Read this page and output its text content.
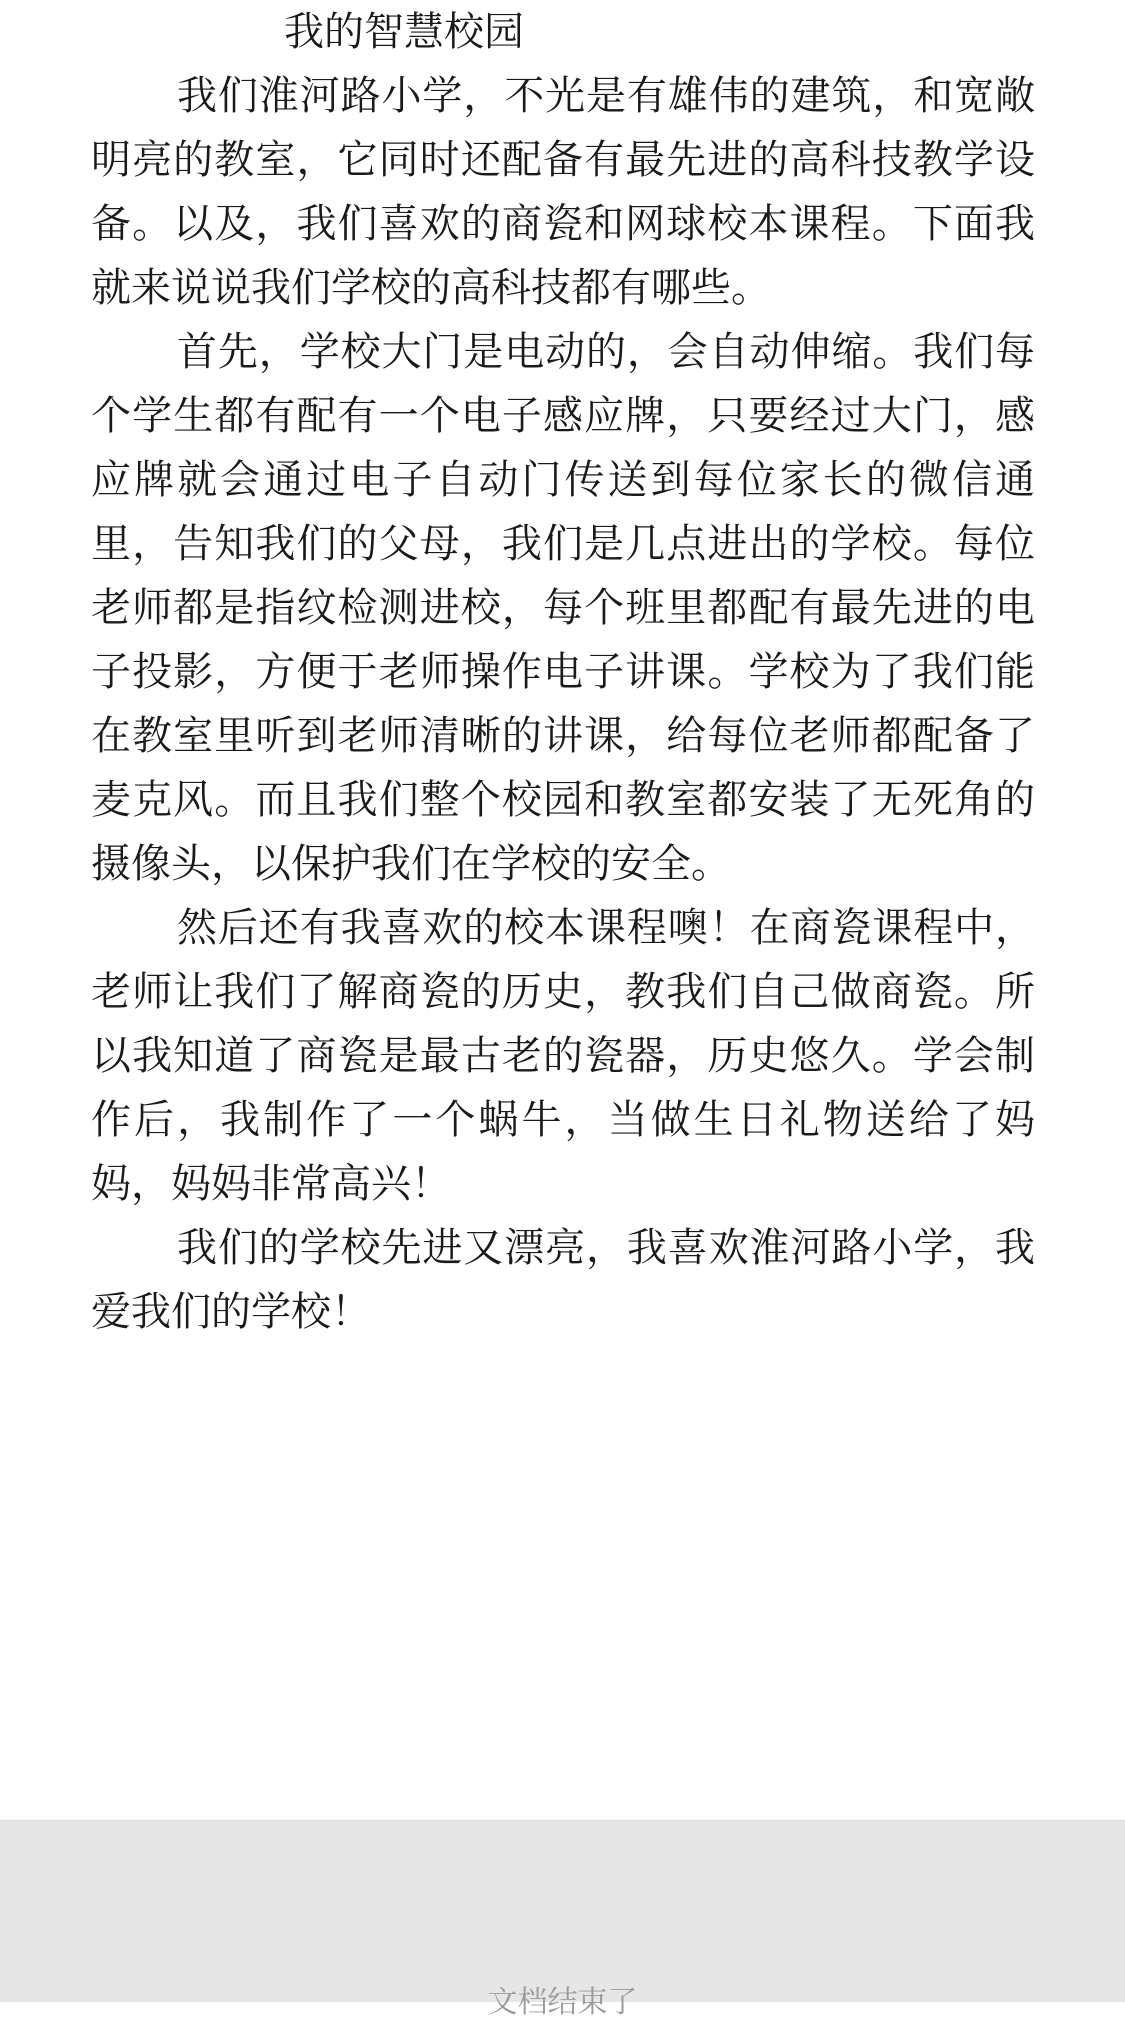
我的智慧校园

我们淮河路小学，不光是有雄伟的建筑，和宽敞明亮的教室，它同时还配备有最先进的高科技教学设备。以及，我们喜欢的商瓷和网球校本课程。下面我就来说说我们学校的高科技都有哪些。

首先，学校大门是电动的，会自动伸缩。我们每个学生都有配有一个电子感应牌，只要经过大门，感应牌就会通过电子自动门传送到每位家长的微信通里，告知我们的父母，我们是几点进出的学校。每位老师都是指纹检测进校，每个班里都配有最先进的电子投影，方便于老师操作电子讲课。学校为了我们能在教室里听到老师清晰的讲课，给每位老师都配备了麦克风。而且我们整个校园和教室都安装了无死角的摄像头，以保护我们在学校的安全。

然后还有我喜欢的校本课程噢！在商瓷课程中，老师让我们了解商瓷的历史，教我们自己做商瓷。所以我知道了商瓷是最古老的瓷器，历史悠久。学会制作后，我制作了一个蜗牛，当做生日礼物送给了妈妈，妈妈非常高兴！

我们的学校先进又漂亮，我喜欢淮河路小学，我爱我们的学校！

文档结束了
